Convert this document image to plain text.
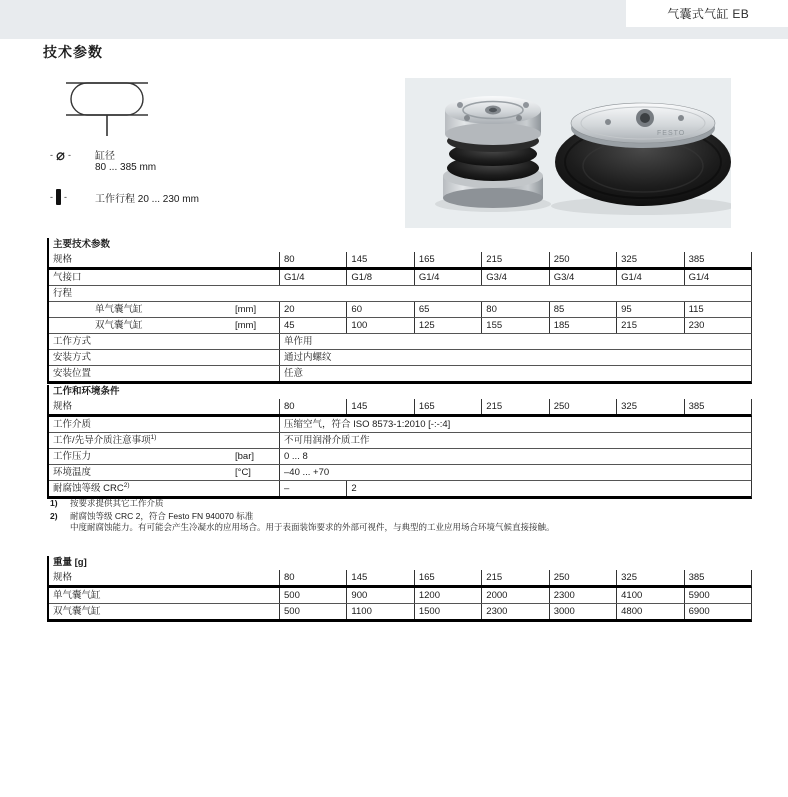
气囊式气缸 EB
技术参数
- ⌀ - 缸径
80 ... 385 mm
- -	工作行程 20 ... 230 mm
FESTO
主要技术参数
规格	80	145	165	215	250	325	385
气接口	G1/4	G1/8	G1/4	G3/4	G3/4	G1/4	G1/4
行程
单气囊气缸	[mm]	20	60	65	80	85	95	115
双气囊气缸	[mm]	45	100	125	155	185	215	230
工作方式	单作用
安装方式	通过内螺纹
安装位置	任意
工作和环境条件
规格	80	145	165	215	250	325	385
工作介质	压缩空气，符合 ISO 8573-1:2010 [-:-:4]
工作/先导介质注意事项$^{1)}$	不可用润滑介质工作
工作压力	[bar]	0 ... 8
环境温度	[°C]	–40 ... +70
耐腐蚀等级 CRC$^{2)}$	–	2
1) 按要求提供其它工作介质
2) 耐腐蚀等级 CRC 2，符合 Festo FN 940070 标准
中度耐腐蚀能力。有可能会产生冷凝水的应用场合。用于表面装饰要求的外部可视件，与典型的工业应用场合环境气候直接接触。
重量 [g]
规格	80	145	165	215	250	325	385
单气囊气缸	500	900	1200	2000	2300	4100	5900
双气囊气缸	500	1100	1500	2300	3000	4800	6900
